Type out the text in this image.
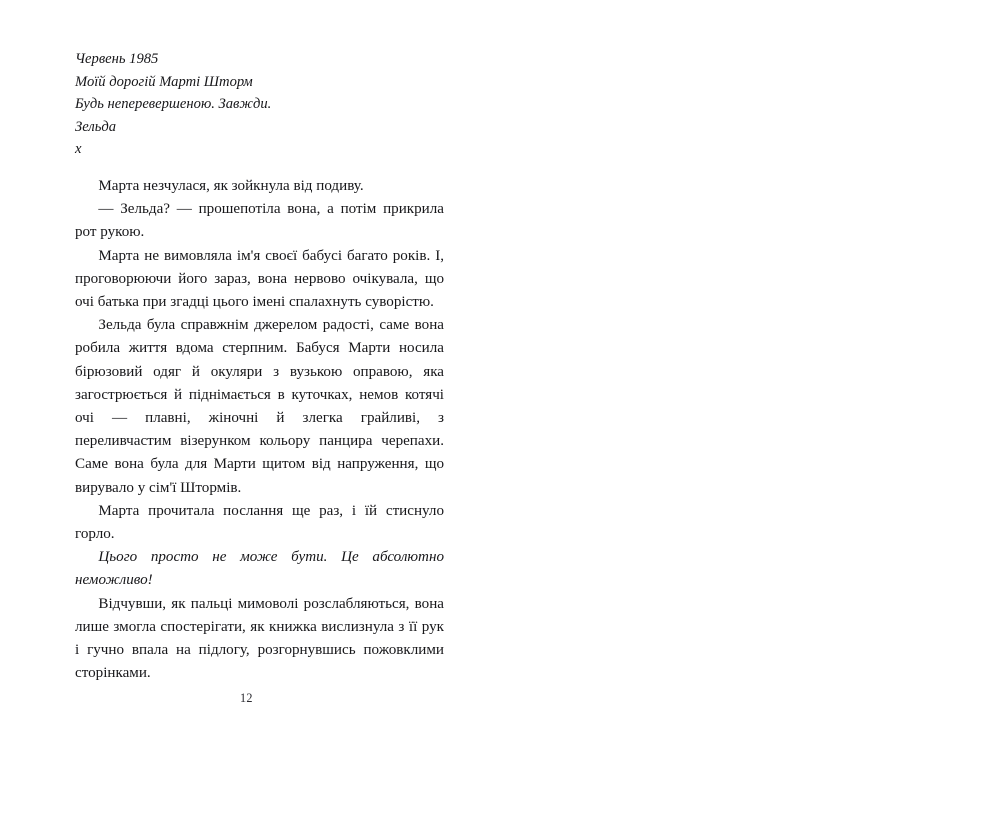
Червень 1985
Моїй дорогій Марті Шторм
Будь неперевершеною. Завжди.
Зельда
x

Марта незчулася, як зойкнула від подиву.

— Зельда? — прошепотіла вона, а потім прикрила рот рукою.

Марта не вимовляла ім'я своєї бабусі багато років. І, проговорюючи його зараз, вона нервово очікувала, що очі батька при згадці цього імені спалахнуть суворістю.

Зельда була справжнім джерелом радості, саме вона робила життя вдома стерпним. Бабуся Марти носила бірюзовий одяг й окуляри з вузькою оправою, яка загострюється й піднімається в куточках, немов котячі очі — плавні, жіночні й злегка грайливі, з переливчастим візерунком кольору панцира черепахи. Саме вона була для Марти щитом від напруження, що вирувало у сім'ї Штормів.

Марта прочитала послання ще раз, і їй стиснуло горло.

Цього просто не може бути. Це абсолютно неможливо!

Відчувши, як пальці мимоволі розслабляються, вона лише змогла спостерігати, як книжка вислизнула з її рук і гучно впала на підлогу, розгорнувшись пожовклими сторінками.

12
